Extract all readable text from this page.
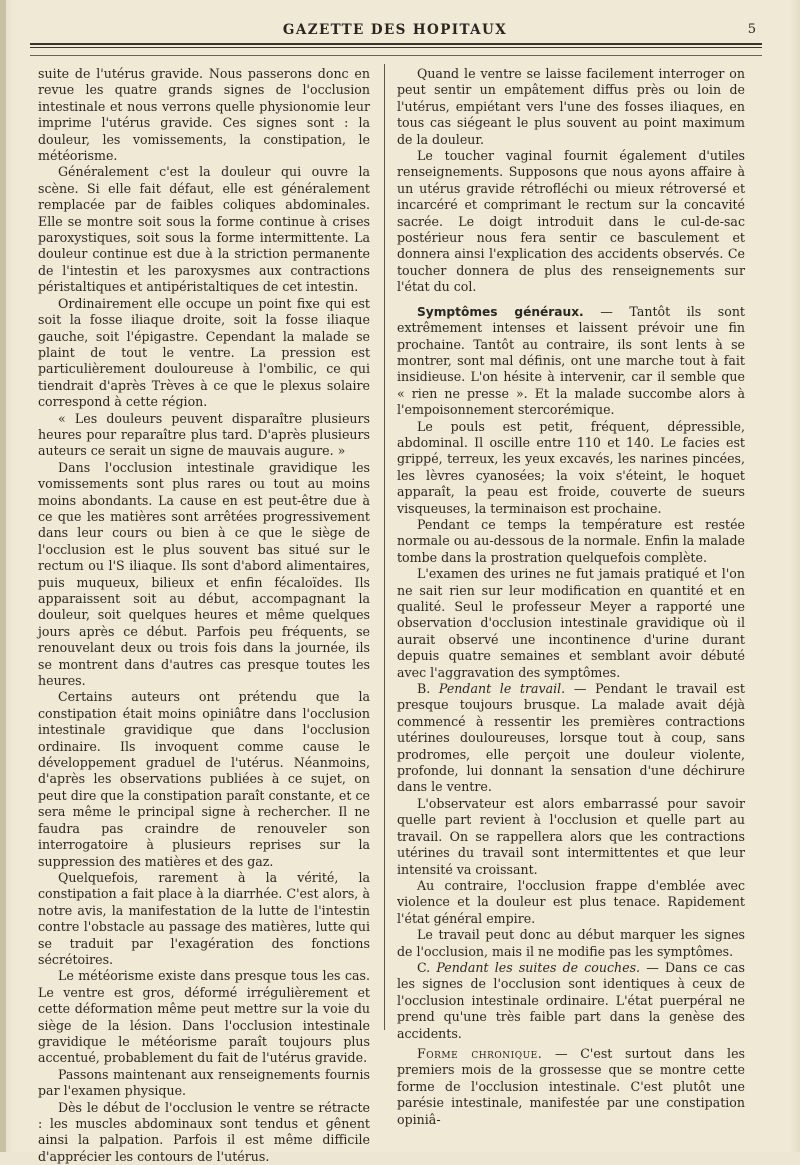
GAZETTE DES HOPITAUX	5

suite de l'utérus gravide. Nous passerons donc en revue les quatre grands signes de l'occlusion intestinale et nous verrons quelle physionomie leur imprime l'utérus gravide. Ces signes sont : la douleur, les vomissements, la constipation, le météorisme.

Généralement c'est la douleur qui ouvre la scène. Si elle fait défaut, elle est généralement remplacée par de faibles coliques abdominales. Elle se montre soit sous la forme continue à crises paroxystiques, soit sous la forme intermittente. La douleur continue est due à la striction permanente de l'intestin et les paroxysmes aux contractions péristaltiques et antipéristaltiques de cet intestin.

Ordinairement elle occupe un point fixe qui est soit la fosse iliaque droite, soit la fosse iliaque gauche, soit l'épigastre. Cependant la malade se plaint de tout le ventre. La pression est particulièrement douloureuse à l'ombilic, ce qui tiendrait d'après Trèves à ce que le plexus solaire correspond à cette région.

« Les douleurs peuvent disparaître plusieurs heures pour reparaître plus tard. D'après plusieurs auteurs ce serait un signe de mauvais augure. »

Dans l'occlusion intestinale gravidique les vomissements sont plus rares ou tout au moins moins abondants. La cause en est peut-être due à ce que les matières sont arrêtées progressivement dans leur cours ou bien à ce que le siège de l'occlusion est le plus souvent bas situé sur le rectum ou l'S iliaque. Ils sont d'abord alimentaires, puis muqueux, bilieux et enfin fécaloïdes. Ils apparaissent soit au début, accompagnant la douleur, soit quelques heures et même quelques jours après ce début. Parfois peu fréquents, se renouvelant deux ou trois fois dans la journée, ils se montrent dans d'autres cas presque toutes les heures.

Certains auteurs ont prétendu que la constipation était moins opiniâtre dans l'occlusion intestinale gravidique que dans l'occlusion ordinaire. Ils invoquent comme cause le développement graduel de l'utérus. Néanmoins, d'après les observations publiées à ce sujet, on peut dire que la constipation paraît constante, et ce sera même le principal signe à rechercher. Il ne faudra pas craindre de renouveler son interrogatoire à plusieurs reprises sur la suppression des matières et des gaz.

Quelquefois, rarement à la vérité, la constipation a fait place à la diarrhée. C'est alors, à notre avis, la manifestation de la lutte de l'intestin contre l'obstacle au passage des matières, lutte qui se traduit par l'exagération des fonctions sécrétoires.

Le météorisme existe dans presque tous les cas. Le ventre est gros, déformé irrégulièrement et cette déformation même peut mettre sur la voie du siège de la lésion. Dans l'occlusion intestinale gravidique le météorisme paraît toujours plus accentué, probablement du fait de l'utérus gravide.

Passons maintenant aux renseignements fournis par l'examen physique.

Dès le début de l'occlusion le ventre se rétracte : les muscles abdominaux sont tendus et gênent ainsi la palpation. Parfois il est même difficile d'apprécier les contours de l'utérus.

Quand le ventre se laisse facilement interroger on peut sentir un empâtement diffus près ou loin de l'utérus, empiétant vers l'une des fosses iliaques, en tous cas siégeant le plus souvent au point maximum de la douleur.

Le toucher vaginal fournit également d'utiles renseignements. Supposons que nous ayons affaire à un utérus gravide rétrofléchi ou mieux rétroversé et incarcéré et comprimant le rectum sur la concavité sacrée. Le doigt introduit dans le cul-de-sac postérieur nous fera sentir ce basculement et donnera ainsi l'explication des accidents observés. Ce toucher donnera de plus des renseignements sur l'état du col.

Symptômes généraux. — Tantôt ils sont extrêmement intenses et laissent prévoir une fin prochaine. Tantôt au contraire, ils sont lents à se montrer, sont mal définis, ont une marche tout à fait insidieuse. L'on hésite à intervenir, car il semble que « rien ne presse ». Et la malade succombe alors à l'empoisonnement stercorémique.

Le pouls est petit, fréquent, dépressible, abdominal. Il oscille entre 110 et 140. Le facies est grippé, terreux, les yeux excavés, les narines pincées, les lèvres cyanosées; la voix s'éteint, le hoquet apparaît, la peau est froide, couverte de sueurs visqueuses, la terminaison est prochaine.

Pendant ce temps la température est restée normale ou au-dessous de la normale. Enfin la malade tombe dans la prostration quelquefois complète.

L'examen des urines ne fut jamais pratiqué et l'on ne sait rien sur leur modification en quantité et en qualité. Seul le professeur Meyer a rapporté une observation d'occlusion intestinale gravidique où il aurait observé une incontinence d'urine durant depuis quatre semaines et semblant avoir débuté avec l'aggravation des symptômes.

B. Pendant le travail. — Pendant le travail est presque toujours brusque. La malade avait déjà commencé à ressentir les premières contractions utérines douloureuses, lorsque tout à coup, sans prodromes, elle perçoit une douleur violente, profonde, lui donnant la sensation d'une déchirure dans le ventre.

L'observateur est alors embarrassé pour savoir quelle part revient à l'occlusion et quelle part au travail. On se rappellera alors que les contractions utérines du travail sont intermittentes et que leur intensité va croissant.

Au contraire, l'occlusion frappe d'emblée avec violence et la douleur est plus tenace. Rapidement l'état général empire.

Le travail peut donc au début marquer les signes de l'occlusion, mais il ne modifie pas les symptômes.

C. Pendant les suites de couches. — Dans ce cas les signes de l'occlusion sont identiques à ceux de l'occlusion intestinale ordinaire. L'état puerpéral ne prend qu'une très faible part dans la genèse des accidents.

Forme chronique. — C'est surtout dans les premiers mois de la grossesse que se montre cette forme de l'occlusion intestinale. C'est plutôt une parésie intestinale, manifestée par une constipation opiniâ-
